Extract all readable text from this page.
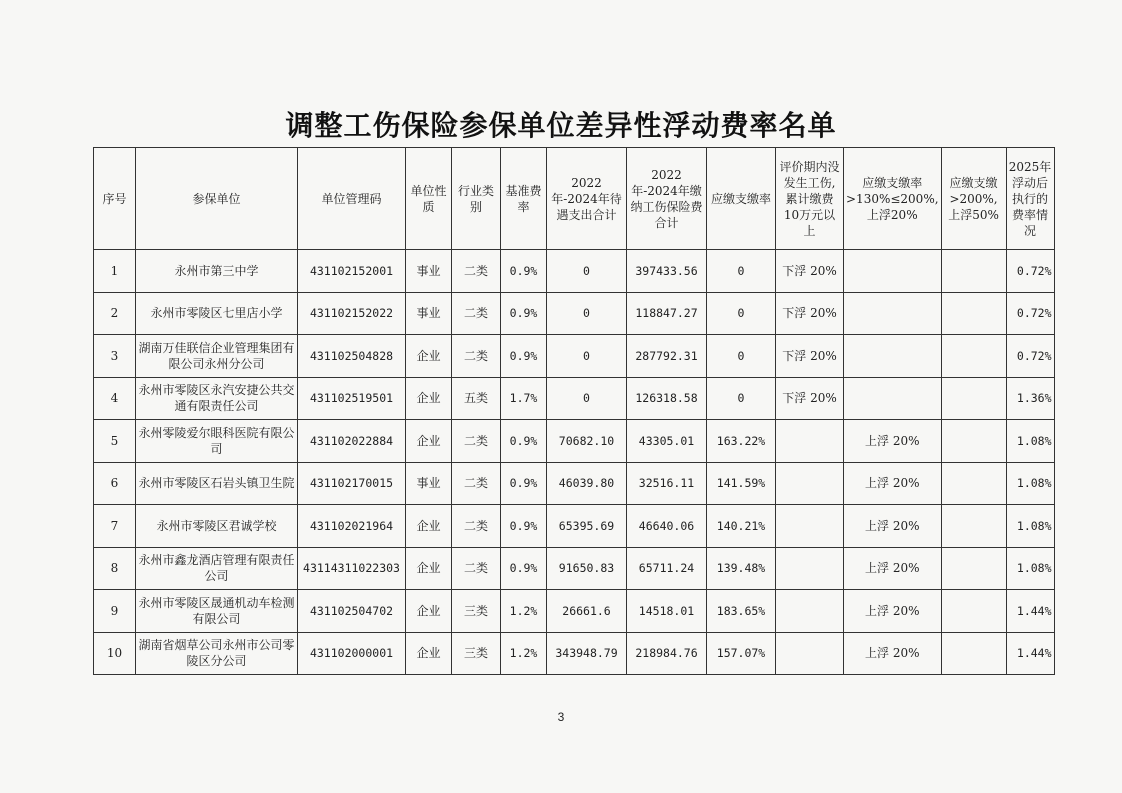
调整工伤保险参保单位差异性浮动费率名单
序号	参保单位	单位管理码	单位性质	行业类别	基准费率	2022年-2024年待遇支出合计	2022年-2024年缴纳工伤保险费合计	应缴支缴率	评价期内没发生工伤,累计缴费10万元以上	应缴支缴率>130%≤200%,上浮20%	应缴支缴>200%,上浮50%	2025年浮动后执行的费率情况
1	永州市第三中学	431102152001	事业	二类	0.9%	0	397433.56	0	下浮 20%			0.72%
2	永州市零陵区七里店小学	431102152022	事业	二类	0.9%	0	118847.27	0	下浮 20%			0.72%
3	湖南万佳联信企业管理集团有限公司永州分公司	431102504828	企业	二类	0.9%	0	287792.31	0	下浮 20%			0.72%
4	永州市零陵区永汽安捷公共交通有限责任公司	431102519501	企业	五类	1.7%	0	126318.58	0	下浮 20%			1.36%
5	永州零陵爱尔眼科医院有限公司	431102022884	企业	二类	0.9%	70682.10	43305.01	163.22%		上浮 20%		1.08%
6	永州市零陵区石岩头镇卫生院	431102170015	事业	二类	0.9%	46039.80	32516.11	141.59%		上浮 20%		1.08%
7	永州市零陵区君诚学校	431102021964	企业	二类	0.9%	65395.69	46640.06	140.21%		上浮 20%		1.08%
8	永州市鑫龙酒店管理有限责任公司	43114311022303	企业	二类	0.9%	91650.83	65711.24	139.48%		上浮 20%		1.08%
9	永州市零陵区晟通机动车检测有限公司	431102504702	企业	三类	1.2%	26661.6	14518.01	183.65%		上浮 20%		1.44%
10	湖南省烟草公司永州市公司零陵区分公司	431102000001	企业	三类	1.2%	343948.79	218984.76	157.07%		上浮 20%		1.44%
3
